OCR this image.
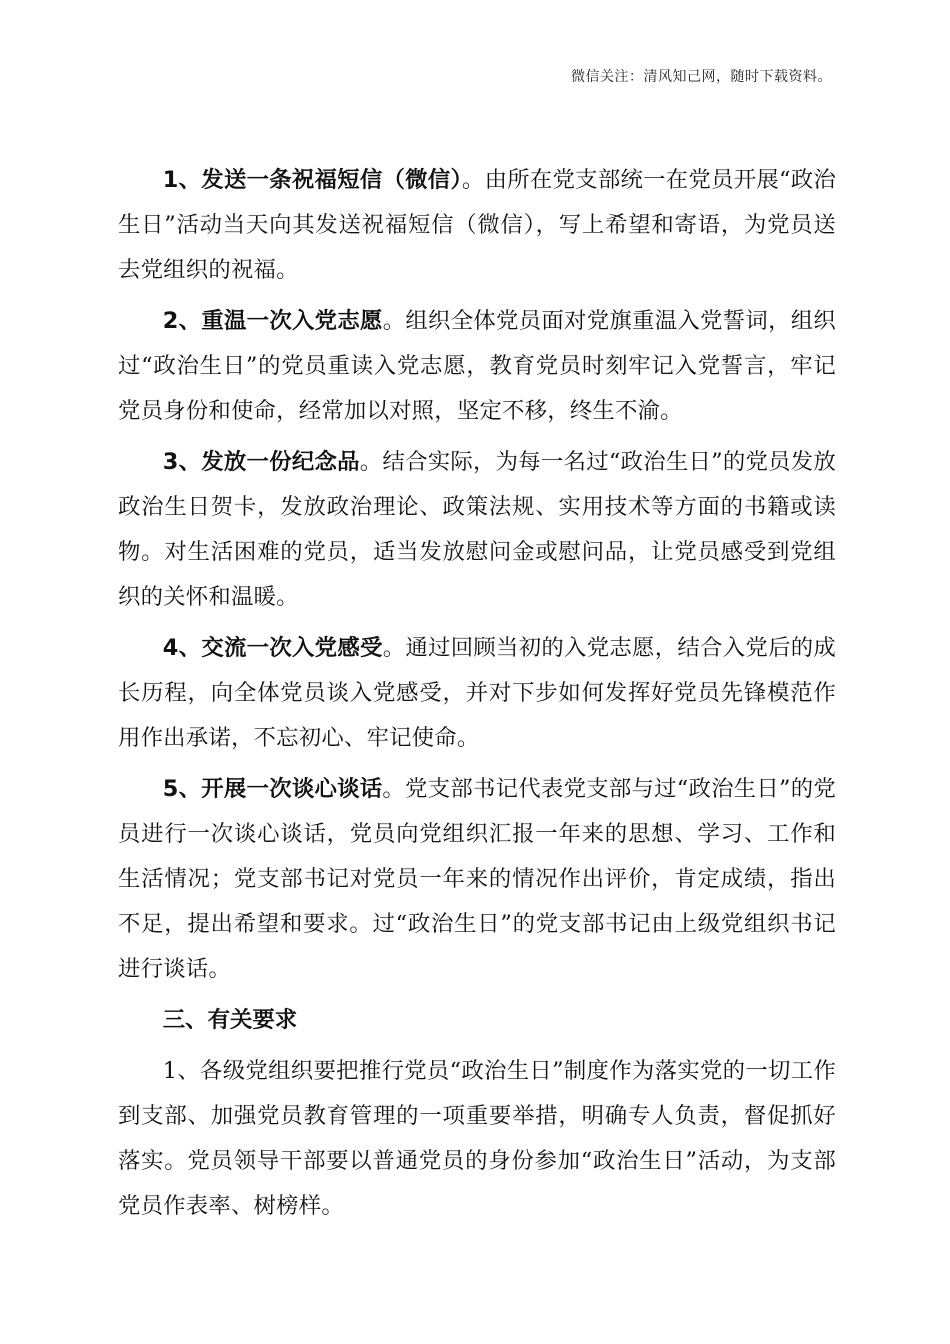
微信关注：清风知己网，随时下载资料。

1、发送一条祝福短信（微信）。由所在党支部统一在党员开展“政治生日”活动当天向其发送祝福短信（微信），写上希望和寄语，为党员送去党组织的祝福。

2、重温一次入党志愿。组织全体党员面对党旗重温入党誓词，组织过“政治生日”的党员重读入党志愿，教育党员时刻牢记入党誓言，牢记党员身份和使命，经常加以对照，坚定不移，终生不渝。

3、发放一份纪念品。结合实际，为每一名过“政治生日”的党员发放政治生日贺卡，发放政治理论、政策法规、实用技术等方面的书籍或读物。对生活困难的党员，适当发放慰问金或慰问品，让党员感受到党组织的关怀和温暖。

4、交流一次入党感受。通过回顾当初的入党志愿，结合入党后的成长历程，向全体党员谈入党感受，并对下步如何发挥好党员先锋模范作用作出承诺，不忘初心、牢记使命。

5、开展一次谈心谈话。党支部书记代表党支部与过“政治生日”的党员进行一次谈心谈话，党员向党组织汇报一年来的思想、学习、工作和生活情况；党支部书记对党员一年来的情况作出评价，肯定成绩，指出不足，提出希望和要求。过“政治生日”的党支部书记由上级党组织书记进行谈话。

三、有关要求

1、各级党组织要把推行党员“政治生日”制度作为落实党的一切工作到支部、加强党员教育管理的一项重要举措，明确专人负责，督促抓好落实。党员领导干部要以普通党员的身份参加“政治生日”活动，为支部党员作表率、树榜样。
